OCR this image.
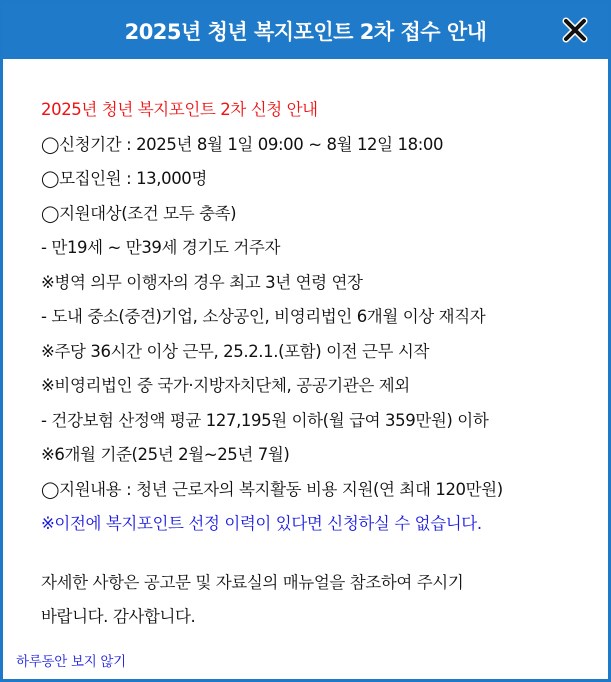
2025년 청년 복지포인트 2차 접수 안내
2025년 청년 복지포인트 2차 신청 안내
◯신청기간 : 2025년 8월 1일 09:00 ~ 8월 12일 18:00
◯모집인원 : 13,000명
◯지원대상(조건 모두 충족)
- 만19세 ~ 만39세 경기도 거주자
※병역 의무 이행자의 경우 최고 3년 연령 연장
- 도내 중소(중견)기업, 소상공인, 비영리법인 6개월 이상 재직자
※주당 36시간 이상 근무, 25.2.1.(포함) 이전 근무 시작
※비영리법인 중 국가·지방자치단체, 공공기관은 제외
- 건강보험 산정액 평균 127,195원 이하(월 급여 359만원) 이하
※6개월 기준(25년 2월~25년 7월)
◯지원내용 : 청년 근로자의 복지활동 비용 지원(연 최대 120만원)
※이전에 복지포인트 선정 이력이 있다면 신청하실 수 없습니다.
자세한 사항은 공고문 및 자료실의 매뉴얼을 참조하여 주시기
바랍니다. 감사합니다.
하루동안 보지 않기
